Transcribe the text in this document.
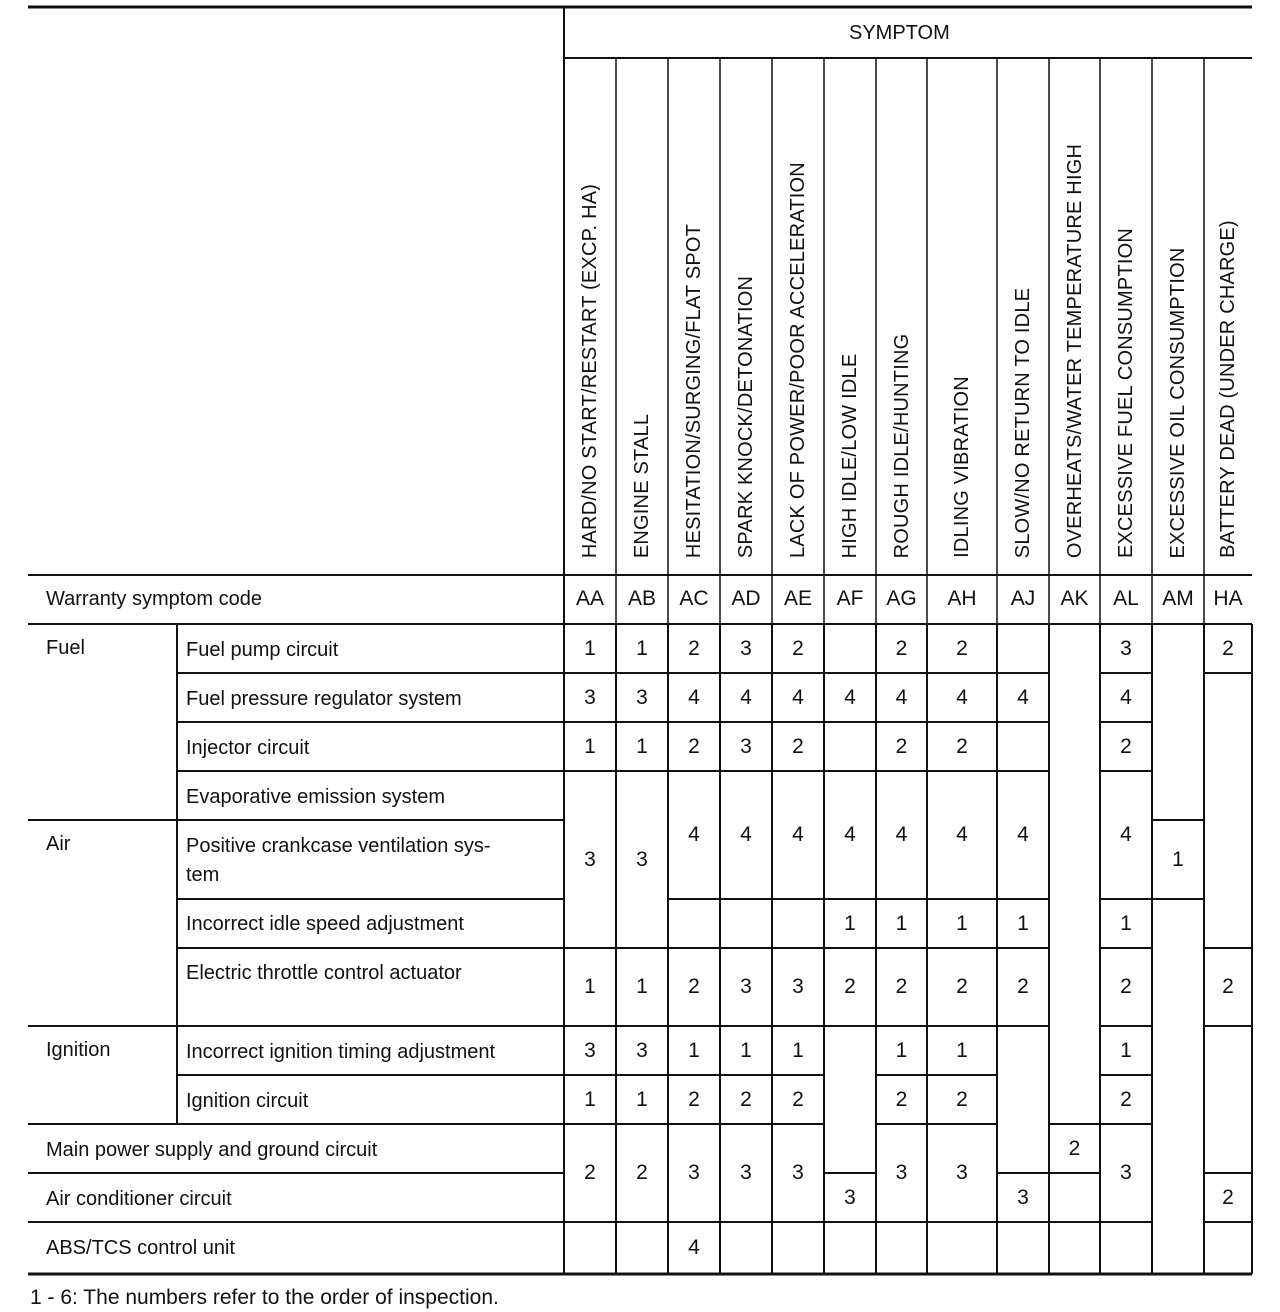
SYMPTOM
Warranty symptom code
HARD/NO START/RESTART (EXCP. HA)
AA
ENGINE STALL
AB
HESITATION/SURGING/FLAT SPOT
AC
SPARK KNOCK/DETONATION
AD
LACK OF POWER/POOR ACCELERATION
AE
HIGH IDLE/LOW IDLE
AF
ROUGH IDLE/HUNTING
AG
IDLING VIBRATION
AH
SLOW/NO RETURN TO IDLE
AJ
OVERHEATS/WATER TEMPERATURE HIGH
AK
EXCESSIVE FUEL CONSUMPTION
AL
EXCESSIVE OIL CONSUMPTION
AM
BATTERY DEAD (UNDER CHARGE)
HA
Fuel
Air
Ignition
Fuel pump circuit
Fuel pressure regulator system
Injector circuit
Evaporative emission system
Positive crankcase ventilation sys-
tem
Incorrect idle speed adjustment
Electric throttle control actuator
Incorrect ignition timing adjustment
Ignition circuit
Main power supply and ground circuit
Air conditioner circuit
ABS/TCS control unit
1
3
1
3
1
3
1
2
1
3
1
3
1
3
1
2
2
4
2
4
2
1
2
3
4
3
4
3
4
3
1
2
3
2
4
2
4
3
1
2
3
4
4
1
2
3
2
4
2
4
1
2
1
2
3
2
4
2
4
1
2
1
2
3
4
4
1
2
3
2
3
4
2
4
1
2
1
2
3
1
2
2
2
1 - 6: The numbers refer to the order of inspection.
